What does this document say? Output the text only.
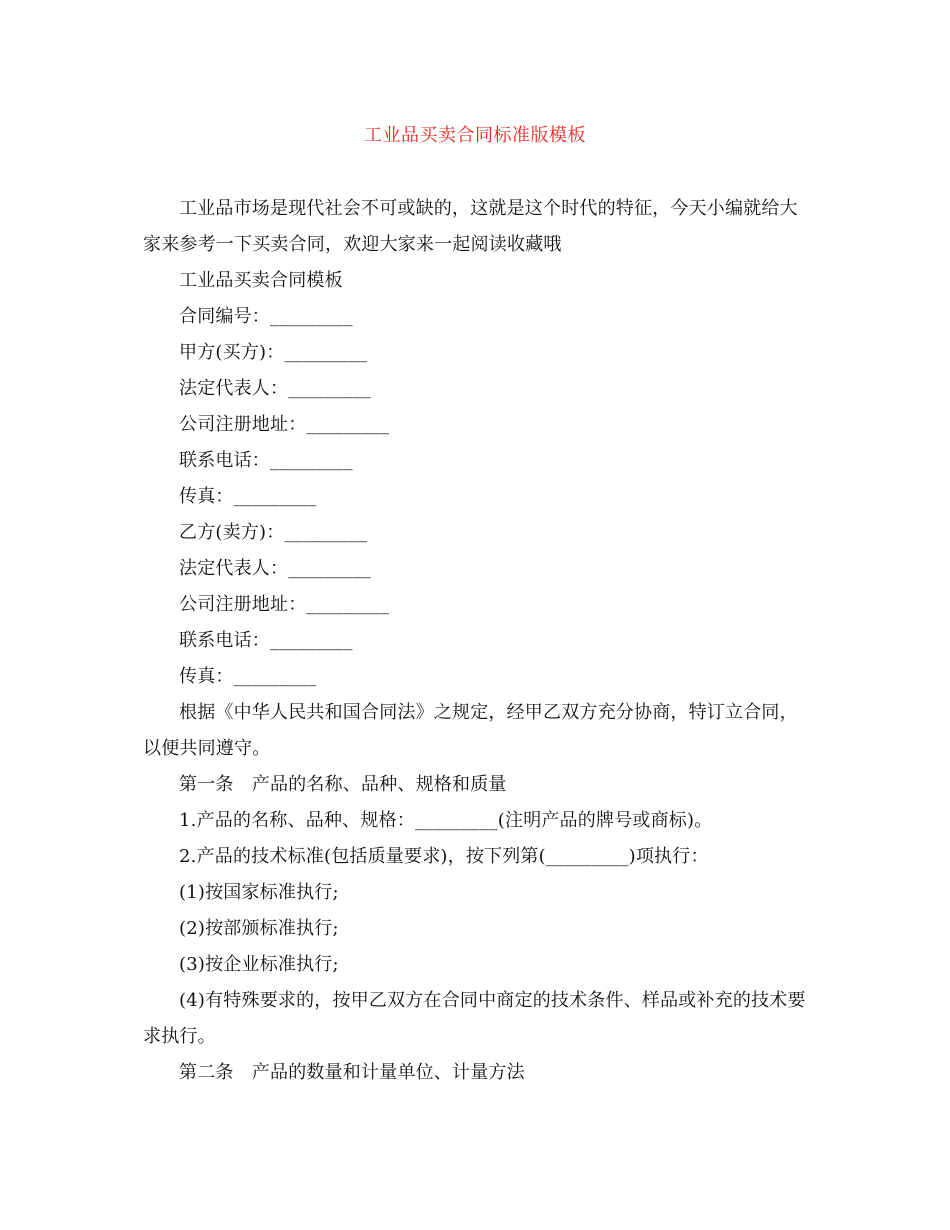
工业品买卖合同标准版模板

工业品市场是现代社会不可或缺的，这就是这个时代的特征，今天小编就给大家来参考一下买卖合同，欢迎大家来一起阅读收藏哦

工业品买卖合同模板

合同编号：_________

甲方(买方)：_________

法定代表人：_________

公司注册地址：_________

联系电话：_________

传真：_________

乙方(卖方)：_________

法定代表人：_________

公司注册地址：_________

联系电话：_________

传真：_________

根据《中华人民共和国合同法》之规定，经甲乙双方充分协商，特订立合同，以便共同遵守。

第一条　产品的名称、品种、规格和质量

1.产品的名称、品种、规格：_________(注明产品的牌号或商标)。

2.产品的技术标准(包括质量要求)，按下列第(_________)项执行：

(1)按国家标准执行;

(2)按部颁标准执行;

(3)按企业标准执行;

(4)有特殊要求的，按甲乙双方在合同中商定的技术条件、样品或补充的技术要求执行。

第二条　产品的数量和计量单位、计量方法
